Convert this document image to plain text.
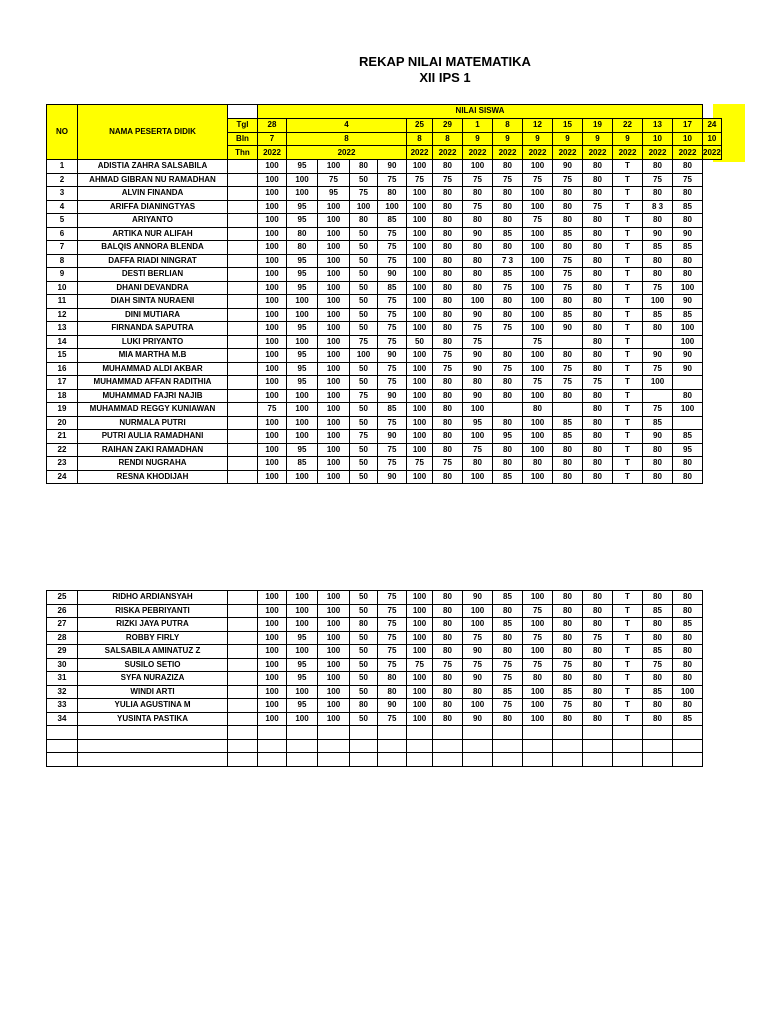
REKAP NILAI MATEMATIKA
XII IPS 1
NO	NAMA PESERTA DIDIK		NILAI SISWA															
		Tgl	28	4				25	29	1	8	12	15	19	22	13	17	24
		Bln	7	8				8	8	9	9	9	9	9	9	10	10	10
		Thn	2022	2022				2022	2022	2022	2022	2022	2022	2022	2022	2022	2022	2022
1	ADISTIA ZAHRA SALSABILA		100	95	100	80	90	100	80	100	80	100	90	80	T	80	80	
2	AHMAD GIBRAN NU RAMADHAN		100	100	75	50	75	75	75	75	75	75	75	80	T	75	75	
3	ALVIN FINANDA		100	100	95	75	80	100	80	80	80	100	80	80	T	80	80	
4	ARIFFA DIANINGTYAS		100	95	100	100	100	100	80	75	80	100	80	75	T	8 3	85	
5	ARIYANTO		100	95	100	80	85	100	80	80	80	75	80	80	T	80	80	
6	ARTIKA NUR ALIFAH		100	80	100	50	75	100	80	90	85	100	85	80	T	90	90	
7	BALQIS ANNORA BLENDA		100	80	100	50	75	100	80	80	80	100	80	80	T	85	85	
8	DAFFA RIADI NINGRAT		100	95	100	50	75	100	80	80	7 3	100	75	80	T	80	80	
9	DESTI BERLIAN		100	95	100	50	90	100	80	80	85	100	75	80	T	80	80	
10	DHANI DEVANDRA		100	95	100	50	85	100	80	80	75	100	75	80	T	75	100	
11	DIAH SINTA NURAENI		100	100	100	50	75	100	80	100	80	100	80	80	T	100	90	
12	DINI MUTIARA		100	100	100	50	75	100	80	90	80	100	85	80	T	85	85	
13	FIRNANDA SAPUTRA		100	95	100	50	75	100	80	75	75	100	90	80	T	80	100	
14	LUKI PRIYANTO		100	100	100	75	75	50	80	75		75		80	T		100	
15	MIA MARTHA M.B		100	95	100	100	90	100	75	90	80	100	80	80	T	90	90	
16	MUHAMMAD ALDI AKBAR		100	95	100	50	75	100	75	90	75	100	75	80	T	75	90	
17	MUHAMMAD AFFAN RADITHIA		100	95	100	50	75	100	80	80	80	75	75	75	T	100		
18	MUHAMMAD FAJRI NAJIB		100	100	100	75	90	100	80	90	80	100	80	80	T		80	
19	MUHAMMAD REGGY KUNIAWAN		75	100	100	50	85	100	80	100		80		80	T	75	100	
20	NURMALA PUTRI		100	100	100	50	75	100	80	95	80	100	85	80	T	85		
21	PUTRI AULIA RAMADHANI		100	100	100	75	90	100	80	100	95	100	85	80	T	90	85	
22	RAIHAN ZAKI RAMADHAN		100	95	100	50	75	100	80	75	80	100	80	80	T	80	95	
23	RENDI NUGRAHA		100	85	100	50	75	75	75	80	80	80	80	80	T	80	80	
24	RESNA KHODIJAH		100	100	100	50	90	100	80	100	85	100	80	80	T	80	80	
25	RIDHO ARDIANSYAH		100	100	100	50	75	100	80	90	85	100	80	80	T	80	80
26	RISKA PEBRIYANTI		100	100	100	50	75	100	80	100	80	75	80	80	T	85	80
27	RIZKI JAYA PUTRA		100	100	100	80	75	100	80	100	85	100	80	80	T	80	85
28	ROBBY FIRLY		100	95	100	50	75	100	80	75	80	75	80	75	T	80	80
29	SALSABILA AMINATUZ Z		100	100	100	50	75	100	80	90	80	100	80	80	T	85	80
30	SUSILO SETIO		100	95	100	50	75	75	75	75	75	75	75	80	T	75	80
31	SYFA NURAZIZA		100	95	100	50	80	100	80	90	75	80	80	80	T	80	80
32	WINDI ARTI		100	100	100	50	80	100	80	80	85	100	85	80	T	85	100
33	YULIA AGUSTINA M		100	95	100	80	90	100	80	100	75	100	75	80	T	80	80
34	YUSINTA PASTIKA		100	100	100	50	75	100	80	90	80	100	80	80	T	80	85
